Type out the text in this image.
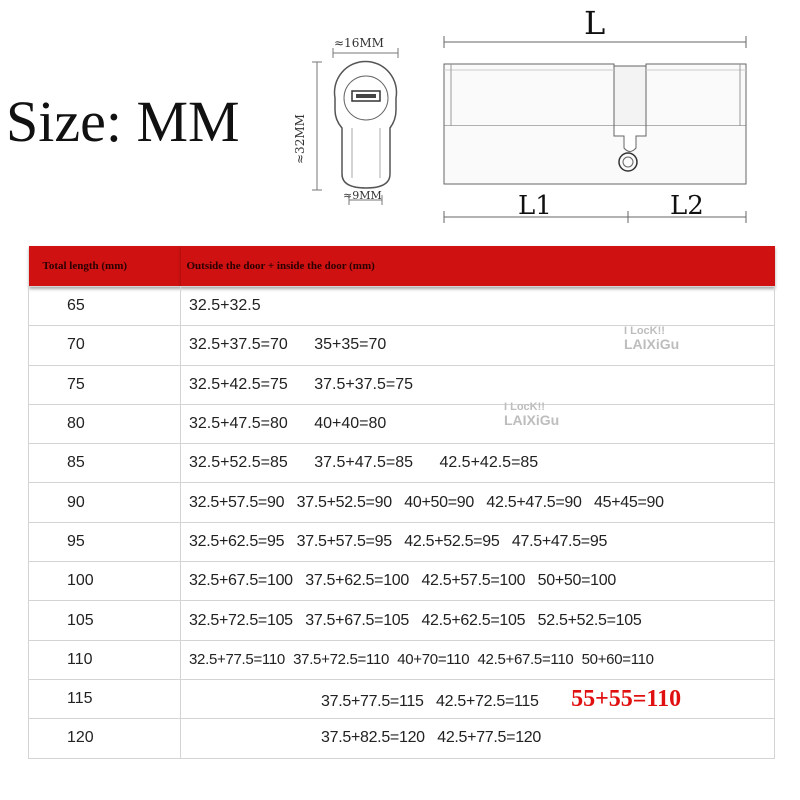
Size: MM
≈16MM
≈32MM
≈9MM
L
L1	L2
Total length (mm)	Outside the door + inside the door (mm)
65	32.5+32.5
70	32.5+37.5=70 35+35=70
75	32.5+42.5=75 37.5+37.5=75
80	32.5+47.5=80 40+40=80
85	32.5+52.5=85 37.5+47.5=85 42.5+42.5=85
90	32.5+57.5=90 37.5+52.5=90 40+50=90 42.5+47.5=90 45+45=90
95	32.5+62.5=95 37.5+57.5=95 42.5+52.5=95 47.5+47.5=95
100	32.5+67.5=100 37.5+62.5=100 42.5+57.5=100 50+50=100
105	32.5+72.5=105 37.5+67.5=105 42.5+62.5=105 52.5+52.5=105
110	32.5+77.5=110 37.5+72.5=110 40+70=110 42.5+67.5=110 50+60=110
115	37.5+77.5=115 42.5+72.5=115 55+55=110
120	37.5+82.5=120 42.5+77.5=120
I LocK!!
LAIXiGu
I LocK!!
LAIXiGu
